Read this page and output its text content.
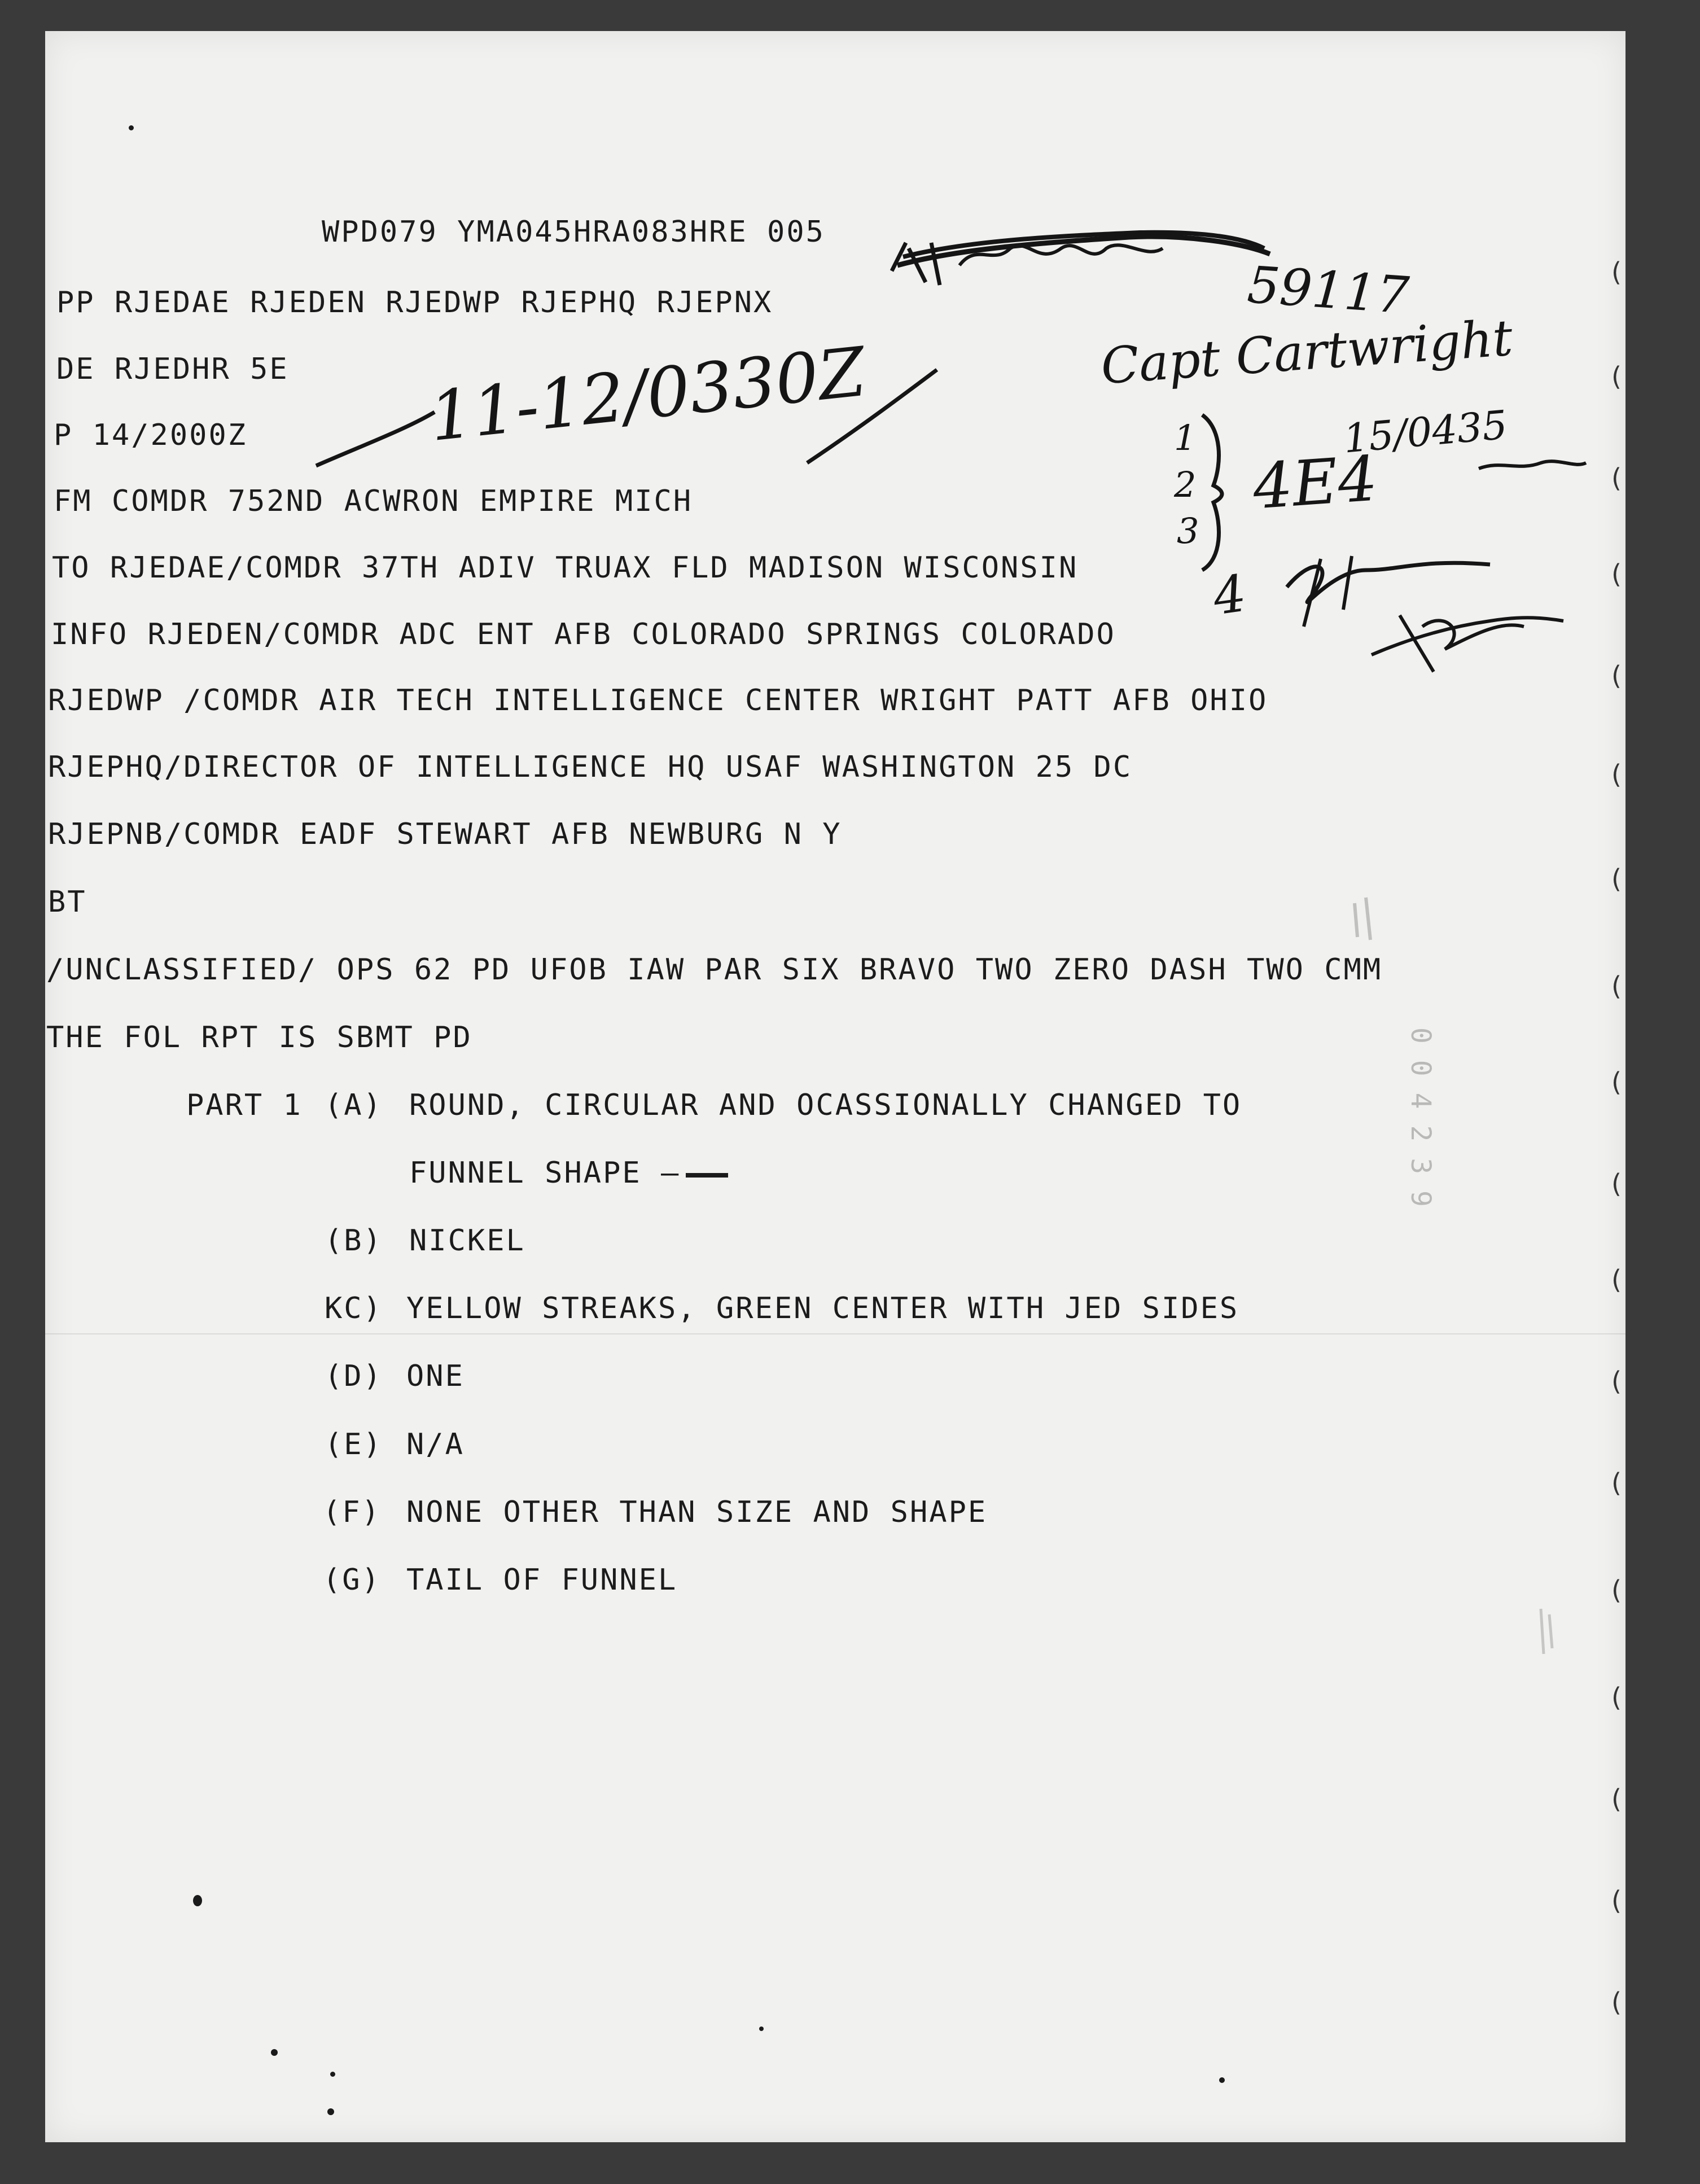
WPD079 YMA045HRA083HRE 005
PP RJEDAE RJEDEN RJEDWP RJEPHQ RJEPNX
DE RJEDHR 5E
P 14/2000Z
FM COMDR 752ND ACWRON EMPIRE MICH
TO RJEDAE/COMDR 37TH ADIV TRUAX FLD MADISON WISCONSIN
INFO RJEDEN/COMDR ADC ENT AFB COLORADO SPRINGS COLORADO
RJEDWP /COMDR AIR TECH INTELLIGENCE CENTER WRIGHT PATT AFB OHIO
RJEPHQ/DIRECTOR OF INTELLIGENCE HQ USAF WASHINGTON 25 DC
RJEPNB/COMDR EADF STEWART AFB NEWBURG N Y
BT
/UNCLASSIFIED/ OPS 62 PD UFOB IAW PAR SIX BRAVO TWO ZERO DASH TWO CMM
THE FOL RPT IS SBMT PD
PART 1 (A) ROUND, CIRCULAR AND OCASSIONALLY CHANGED TO
FUNNEL SHAPE —
(B) NICKEL
KC) YELLOW STREAKS, GREEN CENTER WITH JED SIDES
(D) ONE
(E) N/A
(F) NONE OTHER THAN SIZE AND SHAPE
(G) TAIL OF FUNNEL
11-12/0330Z
59117
Capt Cartwright
15/0435
1
2
3
4
4E4
0 0 4 2 3 9
(
(
(
(
(
(
(
(
(
(
(
(
(
(
(
(
(
(
